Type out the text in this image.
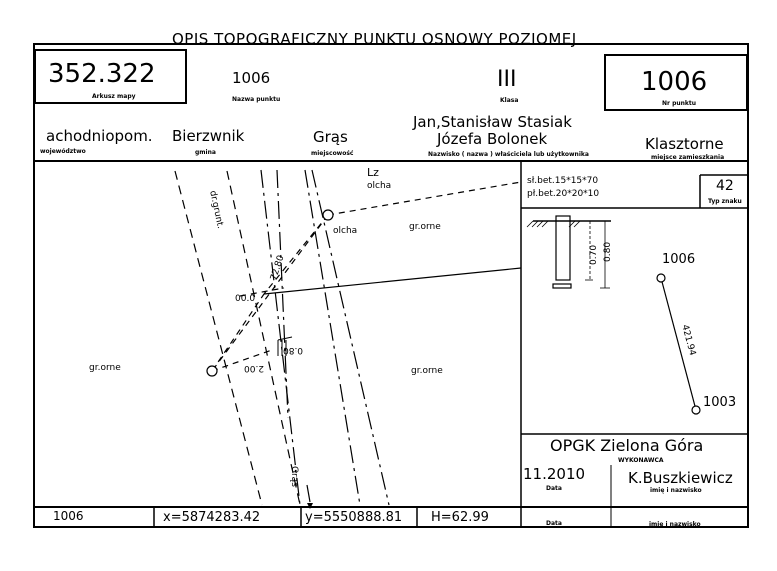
OPIS TOPOGRAFICZNY PUNKTU OSNOWY POZIOMEJ
352.322
Arkusz mapy
1006
Nazwa punktu
III
Klasa
1006
Nr punktu
achodniopom.
województwo
Bierzwnik
gmina
Grąs
miejscowość
Jan,Stanisław Stasiak
Józefa Bolonek
Nazwisko ( nazwa ) właściciela lub użytkownika
Klasztorne
miejsce zamieszkania
dr.grunt.
Lz
olcha
olcha	gr.orne
gr.orne	gr.orne
72.80
00.0
2.00
0.80
Grąs
sł.bet.15*15*70
pł.bet.20*20*10	42
Typ znaku
0.70 0.80	1006
1003
421.94
OPGK Zielona Góra
WYKONAWCA
11.2010
Data
K.Buszkiewicz
imię i nazwisko
Data	imię i nazwisko
1006	x=5874283.42	y=5550888.81 H=62.99
